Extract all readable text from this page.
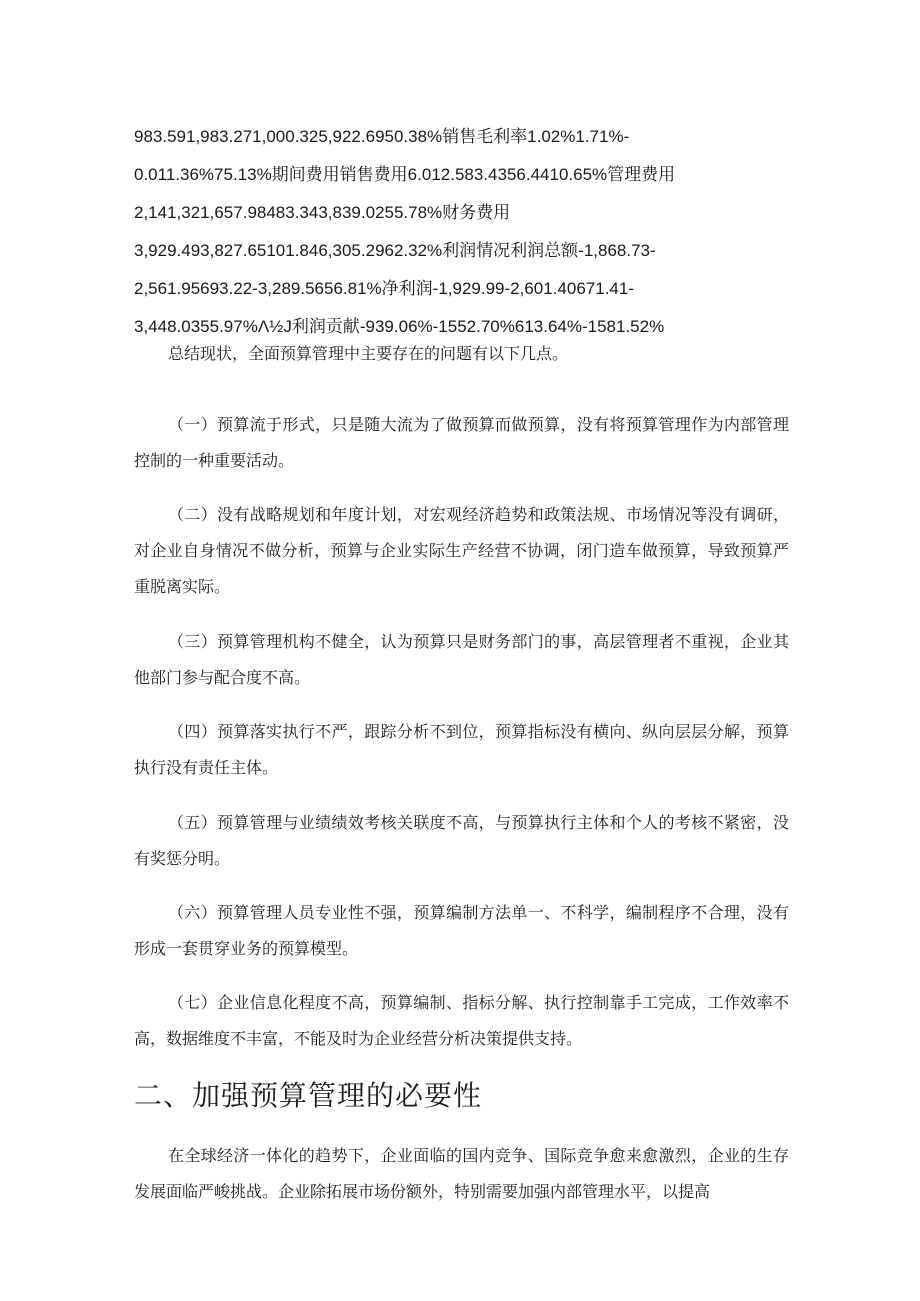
983.591,983.271,000.325,922.6950.38%销售毛利率1.02%1.71%-
0.011.36%75.13%期间费用销售费用6.012.583.4356.4410.65%管理费用
2,141,321,657.98483.343,839.0255.78%财务费用
3,929.493,827.65101.846,305.2962.32%利润情况利润总额-1,868.73-
2,561.95693.22-3,289.5656.81%净利润-1,929.99-2,601.40671.41-
3,448.0355.97%Λ½J利润贡献-939.06%-1552.70%613.64%-1581.52%

总结现状，全面预算管理中主要存在的问题有以下几点。

（一）预算流于形式，只是随大流为了做预算而做预算，没有将预算管理作为内部管理控制的一种重要活动。

（二）没有战略规划和年度计划，对宏观经济趋势和政策法规、市场情况等没有调研，对企业自身情况不做分析，预算与企业实际生产经营不协调，闭门造车做预算，导致预算严重脱离实际。

（三）预算管理机构不健全，认为预算只是财务部门的事，高层管理者不重视，企业其他部门参与配合度不高。

（四）预算落实执行不严，跟踪分析不到位，预算指标没有横向、纵向层层分解，预算执行没有责任主体。

（五）预算管理与业绩绩效考核关联度不高，与预算执行主体和个人的考核不紧密，没有奖惩分明。

（六）预算管理人员专业性不强，预算编制方法单一、不科学，编制程序不合理，没有形成一套贯穿业务的预算模型。

（七）企业信息化程度不高，预算编制、指标分解、执行控制靠手工完成，工作效率不高，数据维度不丰富，不能及时为企业经营分析决策提供支持。

二、加强预算管理的必要性

在全球经济一体化的趋势下，企业面临的国内竞争、国际竞争愈来愈激烈，企业的生存发展面临严峻挑战。企业除拓展市场份额外，特别需要加强内部管理水平，以提高
